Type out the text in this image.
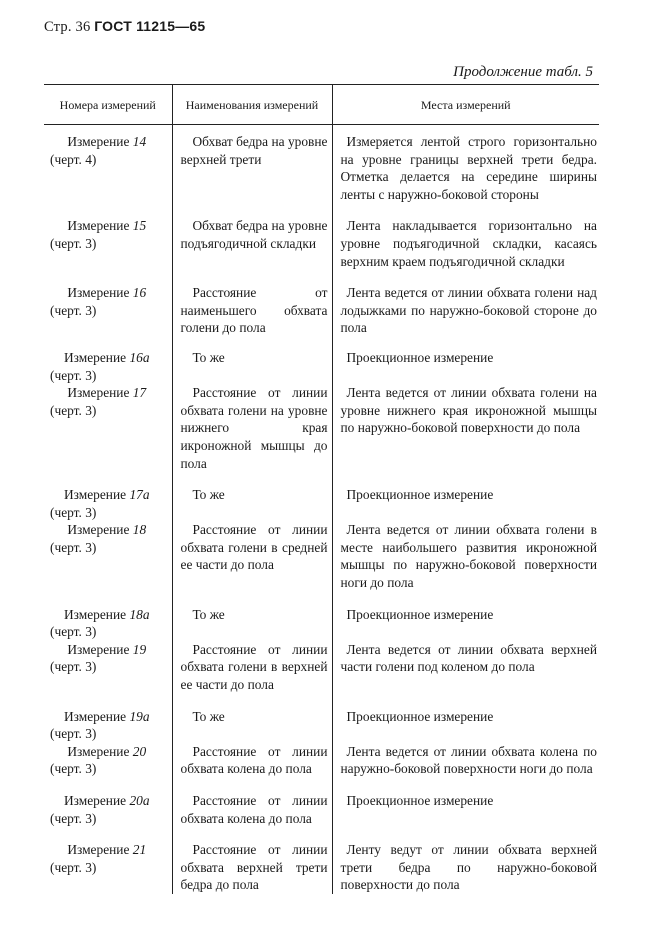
Стр. 36 ГОСТ 11215—65
Продолжение табл. 5
Номера измерений	Наименования измерений	Места измерений

Измерение 14
(черт. 4)	Обхват бедра на уровне верхней трети	Измеряется лентой строго горизонтально на уровне границы верхней трети бедра. Отметка делается на середине ширины ленты с наружно-боковой стороны

Измерение 15
(черт. 3)	Обхват бедра на уровне подъягодичной складки	Лента накладывается горизонтально на уровне подъягодичной складки, касаясь верхним краем подъягодичной складки

Измерение 16
(черт. 3)	Расстояние от наименьшего обхвата голени до пола	Лента ведется от линии обхвата голени над лодыжками по наружно-боковой стороне до пола

Измерение 16а
(черт. 3)	То же	Проекционное измерение

Измерение 17
(черт. 3)	Расстояние от линии обхвата голени на уровне нижнего края икроножной мышцы до пола	Лента ведется от линии обхвата голени на уровне нижнего края икроножной мышцы по наружно-боковой поверхности до пола

Измерение 17а
(черт. 3)	То же	Проекционное измерение

Измерение 18
(черт. 3)	Расстояние от линии обхвата голени в средней ее части до пола	Лента ведется от линии обхвата голени в месте наибольшего развития икроножной мышцы по наружно-боковой поверхности ноги до пола

Измерение 18а
(черт. 3)	То же	Проекционное измерение

Измерение 19
(черт. 3)	Расстояние от линии обхвата голени в верхней ее части до пола	Лента ведется от линии обхвата верхней части голени под коленом до пола

Измерение 19а
(черт. 3)	То же	Проекционное измерение

Измерение 20
(черт. 3)	Расстояние от линии обхвата колена до пола	Лента ведется от линии обхвата колена по наружно-боковой поверхности ноги до пола

Измерение 20а
(черт. 3)	Расстояние от линии обхвата колена до пола	Проекционное измерение

Измерение 21
(черт. 3)	Расстояние от линии обхвата верхней трети бедра до пола	Ленту ведут от линии обхвата верхней трети бедра по наружно-боковой поверхности до пола
